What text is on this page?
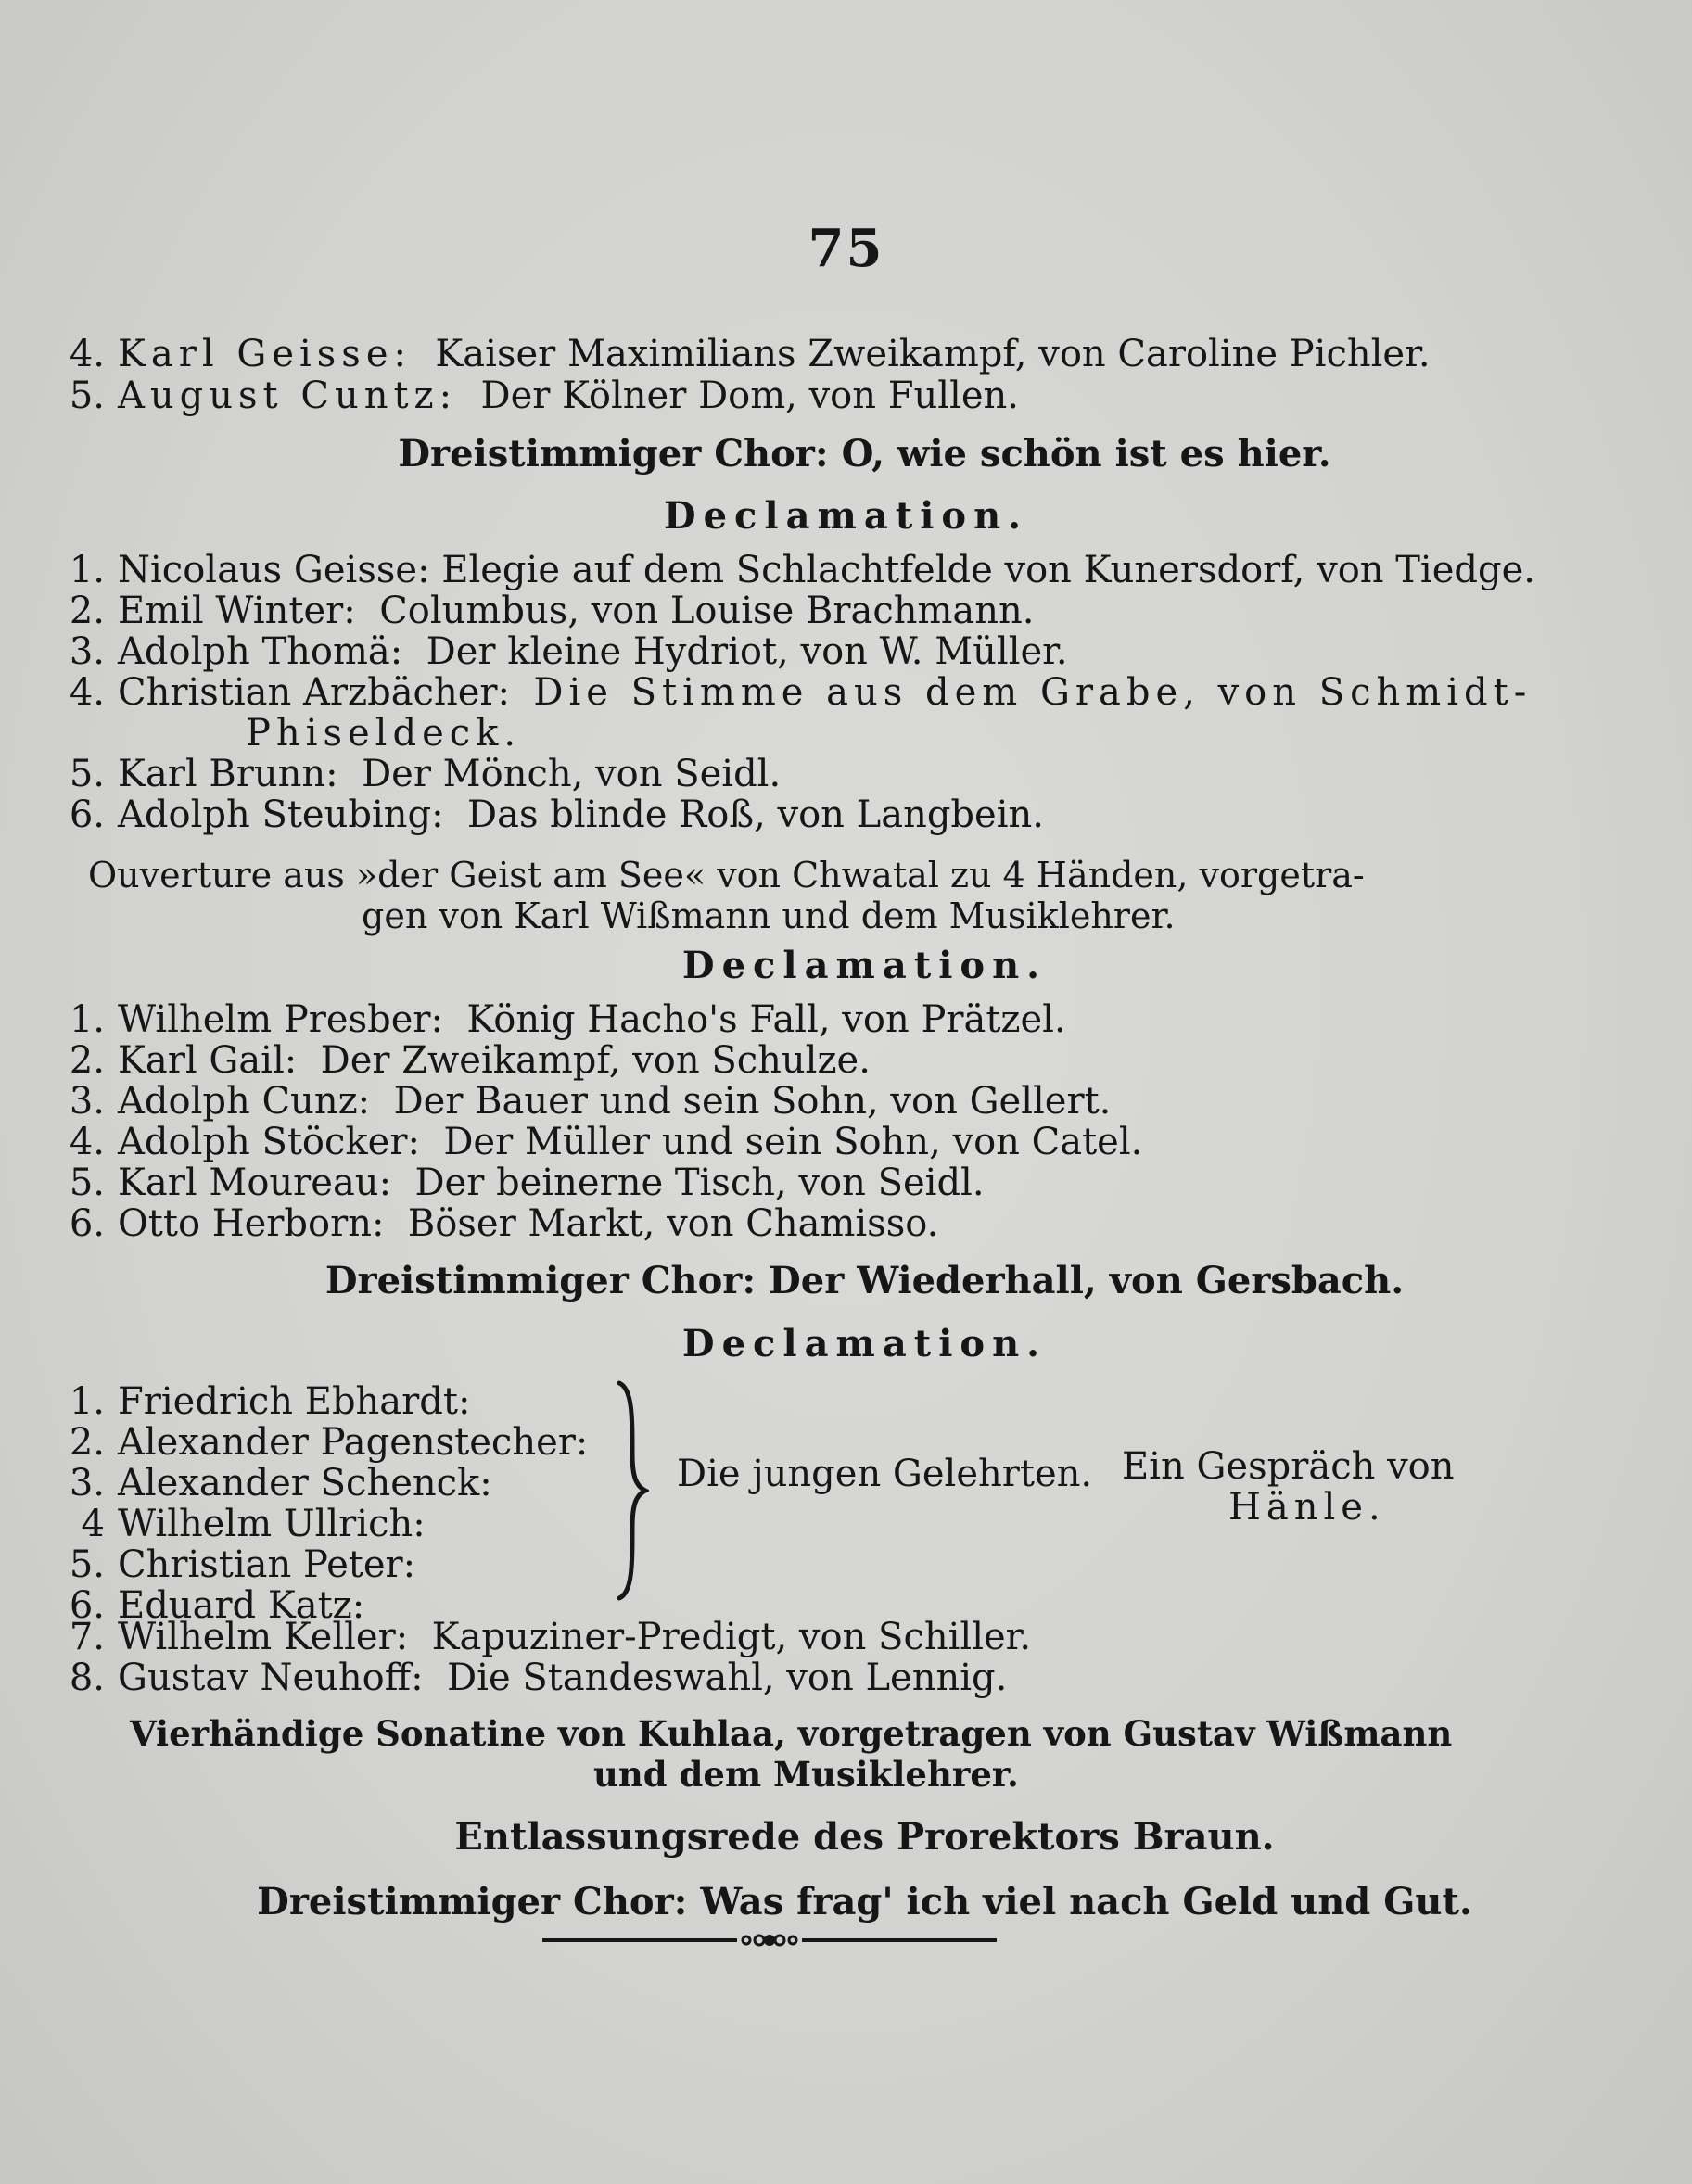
75
4. Karl Geisse: Kaiser Maximilians Zweikampf, von Caroline Pichler.
5. August Cuntz: Der Kölner Dom, von Fullen.
Dreistimmiger Chor: O, wie schön ist es hier.
Declamation.
1. Nicolaus Geisse: Elegie auf dem Schlachtfelde von Kunersdorf, von Tiedge.
2. Emil Winter: Columbus, von Louise Brachmann.
3. Adolph Thomä: Der kleine Hydriot, von W. Müller.
4. Christian Arzbächer: Die Stimme aus dem Grabe, von Schmidt-
Phiseldeck.
5. Karl Brunn: Der Mönch, von Seidl.
6. Adolph Steubing: Das blinde Roß, von Langbein.
Ouverture aus »der Geist am See« von Chwatal zu 4 Händen, vorgetra-
gen von Karl Wißmann und dem Musiklehrer.
Declamation.
1. Wilhelm Presber: König Hacho's Fall, von Prätzel.
2. Karl Gail: Der Zweikampf, von Schulze.
3. Adolph Cunz: Der Bauer und sein Sohn, von Gellert.
4. Adolph Stöcker: Der Müller und sein Sohn, von Catel.
5. Karl Moureau: Der beinerne Tisch, von Seidl.
6. Otto Herborn: Böser Markt, von Chamisso.
Dreistimmiger Chor: Der Wiederhall, von Gersbach.
Declamation.
1. Friedrich Ebhardt:
2. Alexander Pagenstecher:
3. Alexander Schenck:
4 Wilhelm Ullrich:
5. Christian Peter:
6. Eduard Katz:
Die jungen Gelehrten. Ein Gespräch von
Hänle.
7. Wilhelm Keller: Kapuziner-Predigt, von Schiller.
8. Gustav Neuhoff: Die Standeswahl, von Lennig.
Vierhändige Sonatine von Kuhlaa, vorgetragen von Gustav Wißmann
und dem Musiklehrer.
Entlassungsrede des Prorektors Braun.
Dreistimmiger Chor: Was frag' ich viel nach Geld und Gut.
